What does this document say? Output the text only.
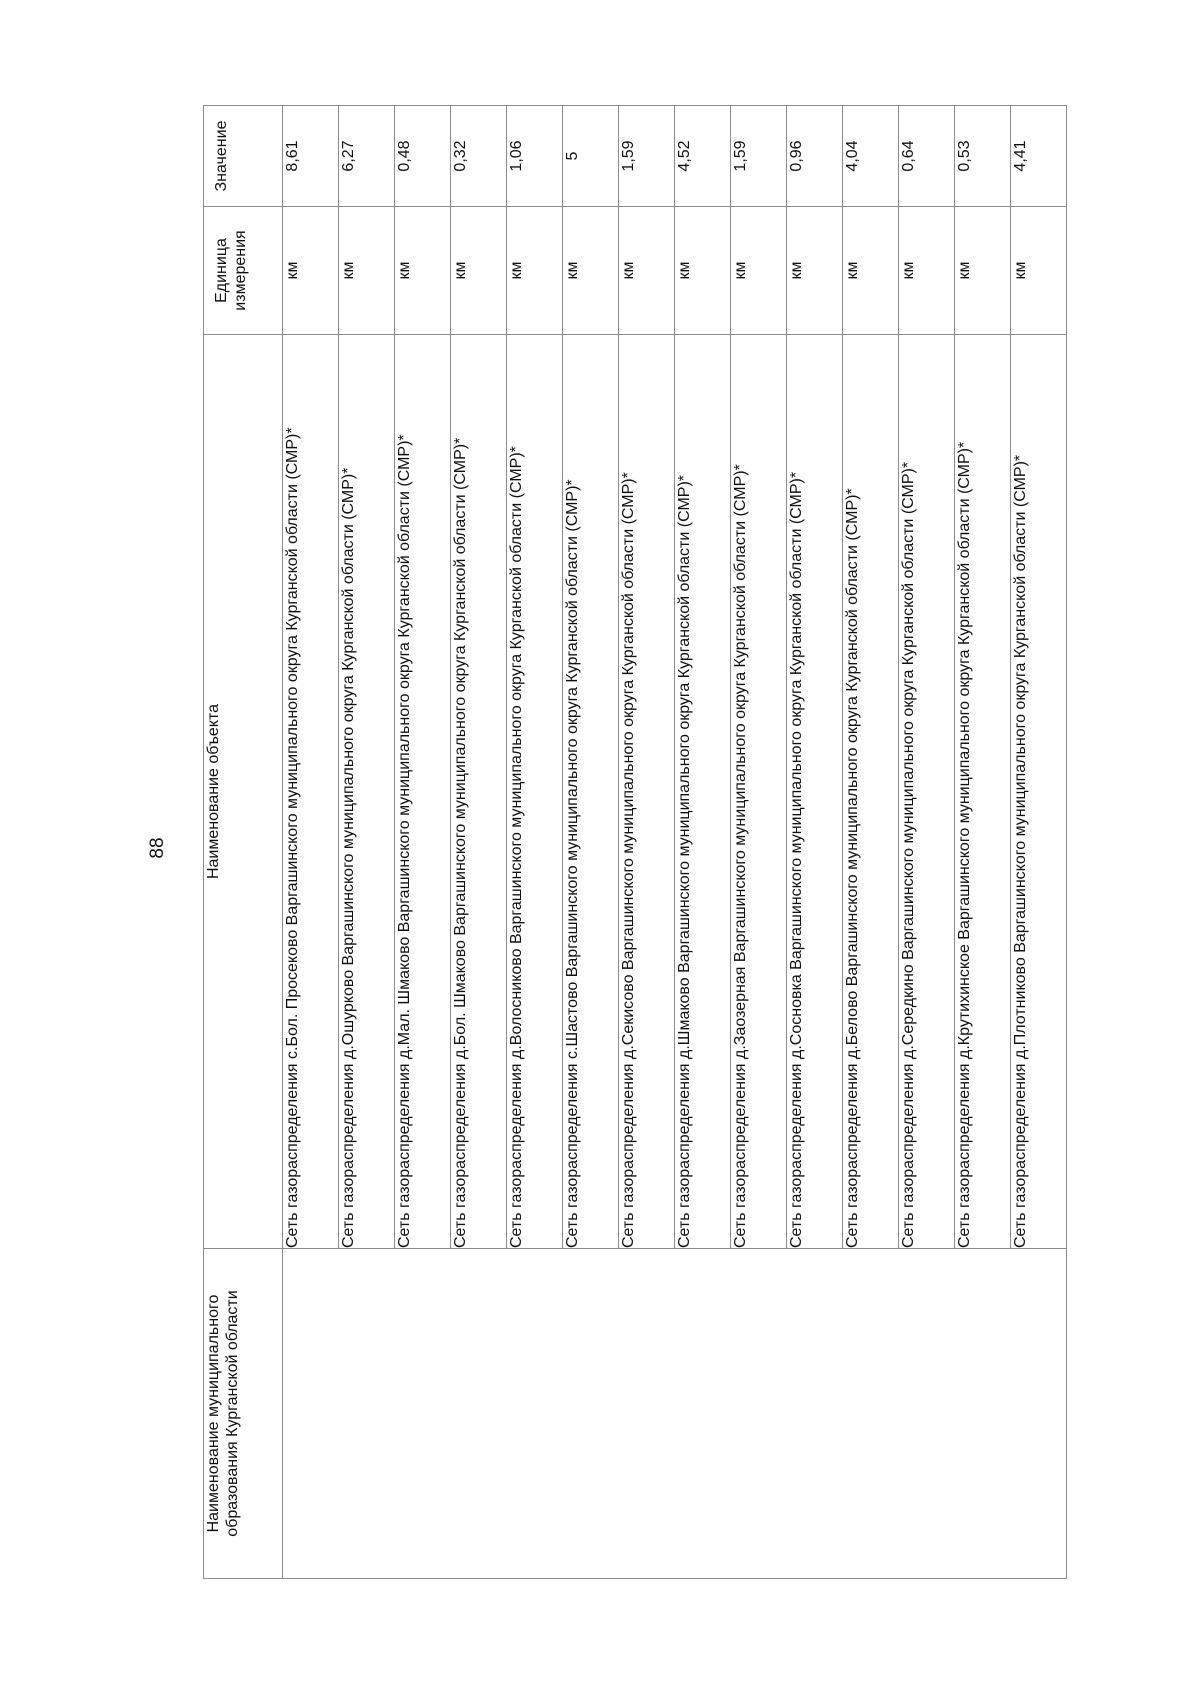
88
Наименование муниципального образования Курганской области	Наименование объекта	Единица измерения	Значение
	Сеть газораспределения с.Бол. Просеково Варгашинского муниципального округа Курганской области (СМР)*	км	8,61
	Сеть газораспределения д.Ошурково Варгашинского муниципального округа Курганской области (СМР)*	км	6,27
	Сеть газораспределения д.Мал. Шмаково Варгашинского муниципального округа Курганской области (СМР)*	км	0,48
	Сеть газораспределения д.Бол. Шмаково Варгашинского муниципального округа Курганской области (СМР)*	км	0,32
	Сеть газораспределения д.Волосниково Варгашинского муниципального округа Курганской области (СМР)*	км	1,06
	Сеть газораспределения с.Шастово Варгашинского муниципального округа Курганской области (СМР)*	км	5
	Сеть газораспределения д.Секисово Варгашинского муниципального округа Курганской области (СМР)*	км	1,59
	Сеть газораспределения д.Шмаково Варгашинского муниципального округа Курганской области (СМР)*	км	4,52
	Сеть газораспределения д.Заозерная Варгашинского муниципального округа Курганской области (СМР)*	км	1,59
	Сеть газораспределения д.Сосновка Варгашинского муниципального округа Курганской области (СМР)*	км	0,96
	Сеть газораспределения д.Белово Варгашинского муниципального округа Курганской области (СМР)*	км	4,04
	Сеть газораспределения д.Середкино Варгашинского муниципального округа Курганской области (СМР)*	км	0,64
	Сеть газораспределения д.Крутихинское Варгашинского муниципального округа Курганской области (СМР)*	км	0,53
	Сеть газораспределения д.Плотниково Варгашинского муниципального округа Курганской области (СМР)*	км	4,41
